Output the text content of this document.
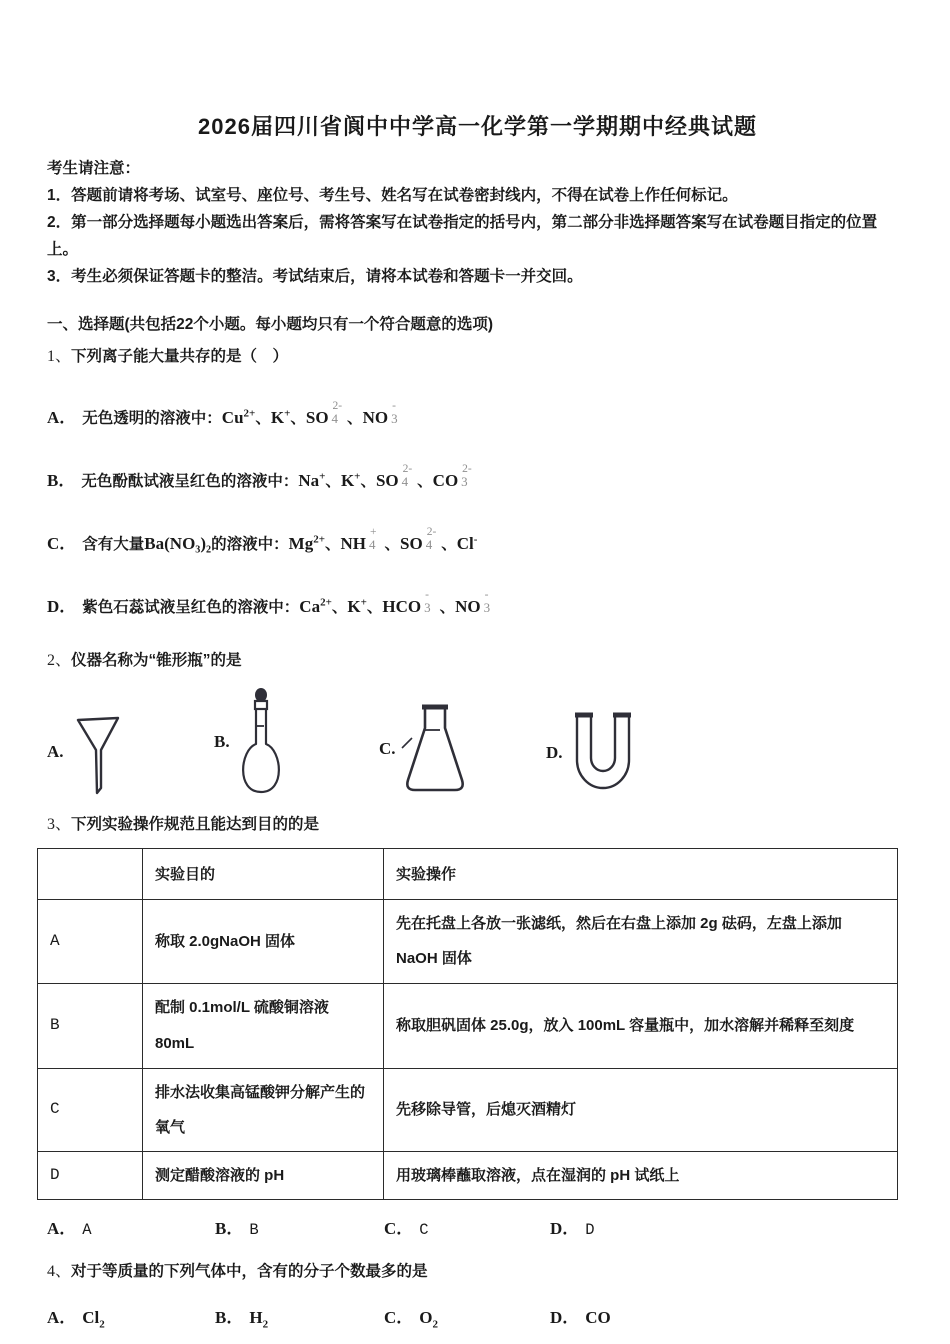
2026届四川省阆中中学高一化学第一学期期中经典试题

考生请注意：

1．答题前请将考场、试室号、座位号、考生号、姓名写在试卷密封线内，不得在试卷上作任何标记。

2．第一部分选择题每小题选出答案后，需将答案写在试卷指定的括号内，第二部分非选择题答案写在试卷题目指定的位置上。

3．考生必须保证答题卡的整洁。考试结束后，请将本试卷和答题卡一并交回。

一、选择题(共包括22个小题。每小题均只有一个符合题意的选项)

1、下列离子能大量共存的是（　）

A． 无色透明的溶液中：$Cu^{2+}$、K+、SO 4
2-
、NO 3
-

B． 无色酚酞试液呈红色的溶液中：Na+、K+、SO 4
2-
、CO 3
2-

C． 含有大量Ba(NO₃)₂的溶液中：$Mg^{2+}$、NH 4
+
、SO 4
2-
、Cl-

D． 紫色石蕊试液呈红色的溶液中：$Ca^{2+}$、K+、HCO 3
-
、NO 3
-

2、仪器名称为“锥形瓶”的是

A.
B.	C.	D.

3、下列实验操作规范且能达到目的的是

	实验目的	实验操作
A	称取 2.0gNaOH 固体	先在托盘上各放一张滤纸，然后在右盘上添加 2g 砝码，左盘上添加 NaOH 固体
B	配制 0.1mol/L 硫酸铜溶液 80mL	称取胆矾固体 25.0g，放入 100mL 容量瓶中，加水溶解并稀释至刻度
C	排水法收集高锰酸钾分解产生的氧气	先移除导管，后熄灭酒精灯
D	测定醋酸溶液的 pH	用玻璃棒蘸取溶液，点在湿润的 pH 试纸上
A． A	B． B	C． C	D． D

4、对于等质量的下列气体中，含有的分子个数最多的是

A． $Cl_2$	B． $H_2$	C． $O_2$	D． CO
